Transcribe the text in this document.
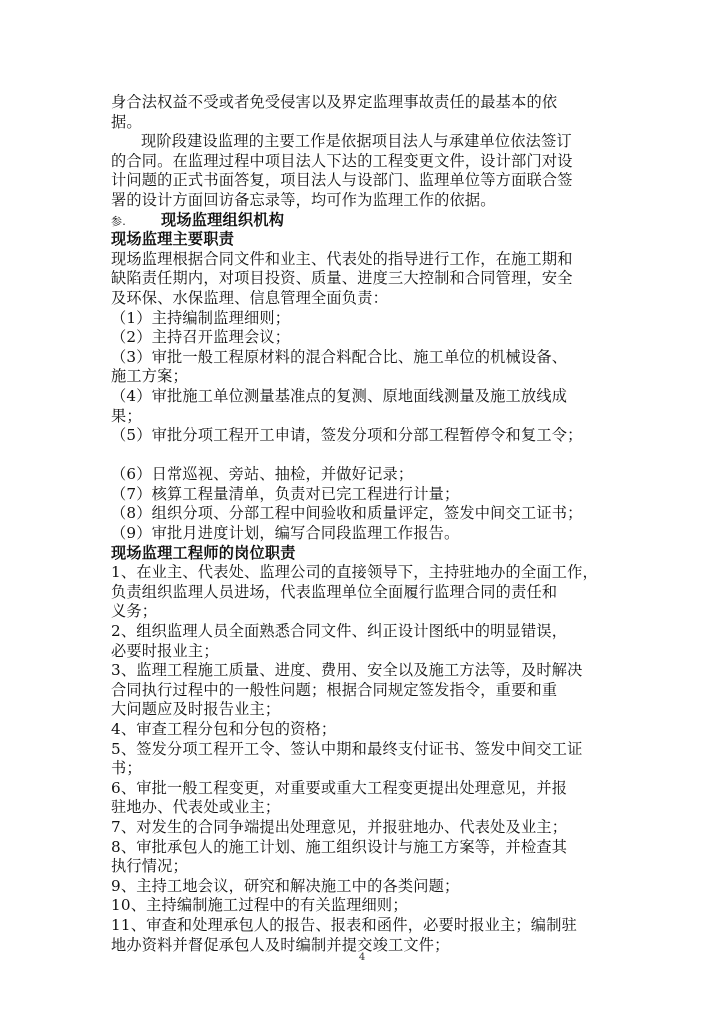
身合法权益不受或者免受侵害以及界定监理事故责任的最基本的依
据。
现阶段建设监理的主要工作是依据项目法人与承建单位依法签订
的合同。在监理过程中项目法人下达的工程变更文件，设计部门对设
计问题的正式书面答复，项目法人与设部门、监理单位等方面联合签
署的设计方面回访备忘录等，均可作为监理工作的依据。
参. 现场监理组织机构
现场监理主要职责
现场监理根据合同文件和业主、代表处的指导进行工作，在施工期和
缺陷责任期内，对项目投资、质量、进度三大控制和合同管理，安全
及环保、水保监理、信息管理全面负责：
（1）主持编制监理细则；
（2）主持召开监理会议；
（3）审批一般工程原材料的混合料配合比、施工单位的机械设备、
施工方案；
（4）审批施工单位测量基准点的复测、原地面线测量及施工放线成
果；
（5）审批分项工程开工申请，签发分项和分部工程暂停令和复工令；
（6）日常巡视、旁站、抽检，并做好记录；
（7）核算工程量清单，负责对已完工程进行计量；
（8）组织分项、分部工程中间验收和质量评定，签发中间交工证书；
（9）审批月进度计划，编写合同段监理工作报告。
现场监理工程师的岗位职责
1、在业主、代表处、监理公司的直接领导下，主持驻地办的全面工作，
负责组织监理人员进场，代表监理单位全面履行监理合同的责任和
义务；
2、组织监理人员全面熟悉合同文件、纠正设计图纸中的明显错误，
必要时报业主；
3、监理工程施工质量、进度、费用、安全以及施工方法等，及时解决
合同执行过程中的一般性问题；根据合同规定签发指令，重要和重
大问题应及时报告业主；
4、审查工程分包和分包的资格；
5、签发分项工程开工令、签认中期和最终支付证书、签发中间交工证
书；
6、审批一般工程变更，对重要或重大工程变更提出处理意见，并报
驻地办、代表处或业主；
7、对发生的合同争端提出处理意见，并报驻地办、代表处及业主；
8、审批承包人的施工计划、施工组织设计与施工方案等，并检查其
执行情况；
9、主持工地会议，研究和解决施工中的各类问题；
10、主持编制施工过程中的有关监理细则；
11、审查和处理承包人的报告、报表和函件，必要时报业主；编制驻
地办资料并督促承包人及时编制并提交竣工文件；
4
